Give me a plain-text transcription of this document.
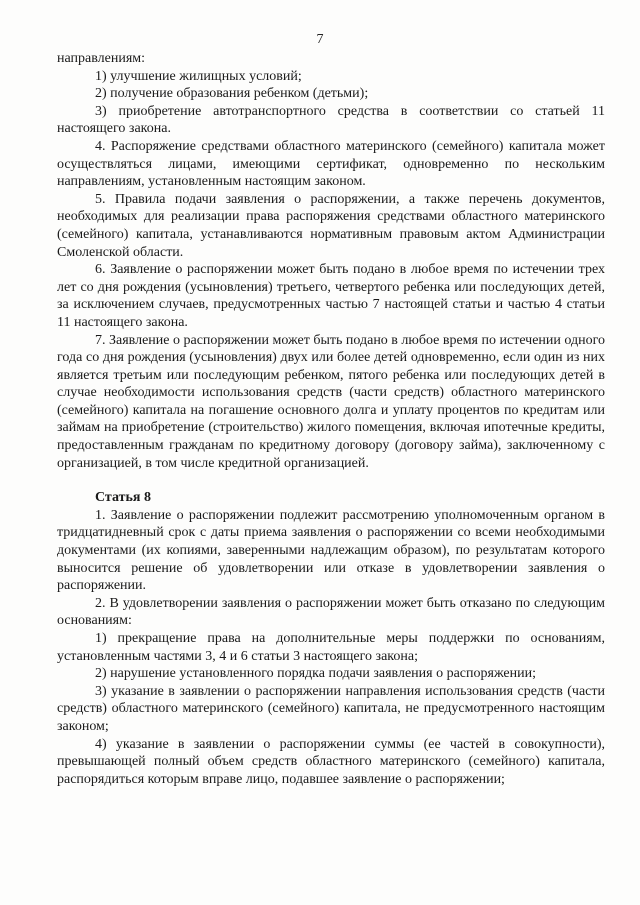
7

направлениям:

1) улучшение жилищных условий;

2) получение образования ребенком (детьми);

3) приобретение автотранспортного средства в соответствии со статьей 11 настоящего закона.

4. Распоряжение средствами областного материнского (семейного) капитала может осуществляться лицами, имеющими сертификат, одновременно по нескольким направлениям, установленным настоящим законом.

5. Правила подачи заявления о распоряжении, а также перечень документов, необходимых для реализации права распоряжения средствами областного материнского (семейного) капитала, устанавливаются нормативным правовым актом Администрации Смоленской области.

6. Заявление о распоряжении может быть подано в любое время по истечении трех лет со дня рождения (усыновления) третьего, четвертого ребенка или последующих детей, за исключением случаев, предусмотренных частью 7 настоящей статьи и частью 4 статьи 11 настоящего закона.

7. Заявление о распоряжении может быть подано в любое время по истечении одного года со дня рождения (усыновления) двух или более детей одновременно, если один из них является третьим или последующим ребенком, пятого ребенка или последующих детей в случае необходимости использования средств (части средств) областного материнского (семейного) капитала на погашение основного долга и уплату процентов по кредитам или займам на приобретение (строительство) жилого помещения, включая ипотечные кредиты, предоставленным гражданам по кредитному договору (договору займа), заключенному с организацией, в том числе кредитной организацией.

Статья 8

1. Заявление о распоряжении подлежит рассмотрению уполномоченным органом в тридцатидневный срок с даты приема заявления о распоряжении со всеми необходимыми документами (их копиями, заверенными надлежащим образом), по результатам которого выносится решение об удовлетворении или отказе в удовлетворении заявления о распоряжении.

2. В удовлетворении заявления о распоряжении может быть отказано по следующим основаниям:

1) прекращение права на дополнительные меры поддержки по основаниям, установленным частями 3, 4 и 6 статьи 3 настоящего закона;

2) нарушение установленного порядка подачи заявления о распоряжении;

3) указание в заявлении о распоряжении направления использования средств (части средств) областного материнского (семейного) капитала, не предусмотренного настоящим законом;

4) указание в заявлении о распоряжении суммы (ее частей в совокупности), превышающей полный объем средств областного материнского (семейного) капитала, распорядиться которым вправе лицо, подавшее заявление о распоряжении;
